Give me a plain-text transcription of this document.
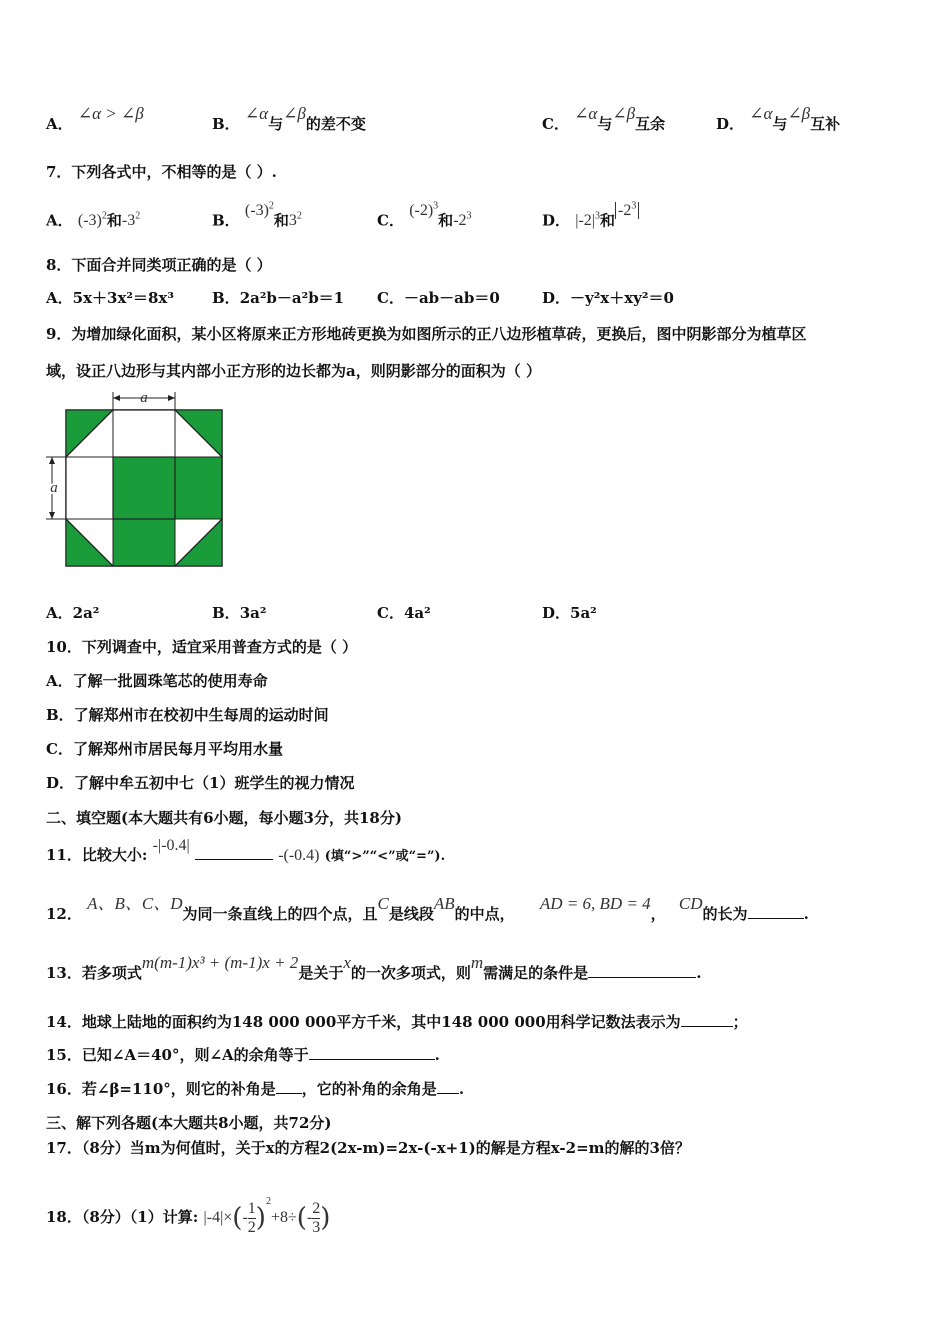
A． ∠α > ∠β
B． ∠α与∠β的差不变	C． ∠α与∠β互余	D． ∠α与∠β互补
7．下列各式中，不相等的是（ ）.
A． $(-3)^2$和$-3^2$	B． $(-3)^2$和$3^2$	C． $(-2)^3$和$-2^3$	D． $|-2|^3$和$-2^3$
8．下面合并同类项正确的是（ ）
A．5x＋3x²＝8x³	B．2a²b－a²b＝1 C．－ab－ab＝0	D．－y²x＋xy²＝0
9．为增加绿化面积，某小区将原来正方形地砖更换为如图所示的正八边形植草砖，更换后，图中阴影部分为植草区
域，设正八边形与其内部小正方形的边长都为a，则阴影部分的面积为（ ）
a
a
A．2a²	B．3a²	C．4a²	D．5a²
10．下列调查中，适宜采用普查方式的是（ ）
A．了解一批圆珠笔芯的使用寿命
B．了解郑州市在校初中生每周的运动时间
C．了解郑州市居民每月平均用水量
D．了解中牟五初中七（1）班学生的视力情况
二、填空题(本大题共有6小题，每小题3分，共18分)
11．比较大小: -|-0.4|  -(-0.4) (填“>”“<”或“=”).
12． A、B、C、D为同一条直线上的四个点，且C是线段AB的中点， AD = 6, BD = 4， CD的长为	.
13．若多项式m(m-1)x³ + (m-1)x + 2是关于x的一次多项式，则m需满足的条件是	.
14．地球上陆地的面积约为148 000 000平方千米，其中148 000 000用科学记数法表示为	；
15．已知∠A＝40°，则∠A的余角等于	.
16．若∠β=110°，则它的补角是 ，它的补角的余角是 .
三、解下列各题(本大题共8小题，共72分)
17．（8分）当m为何值时，关于x的方程2(2x-m)=2x-(-x+1)的解是方程x-2=m的解的3倍？
18．（8分）（1）计算: $|-4|\times(- \frac{1}{2} )^2+8\div(- \frac{2}{3}$ )
